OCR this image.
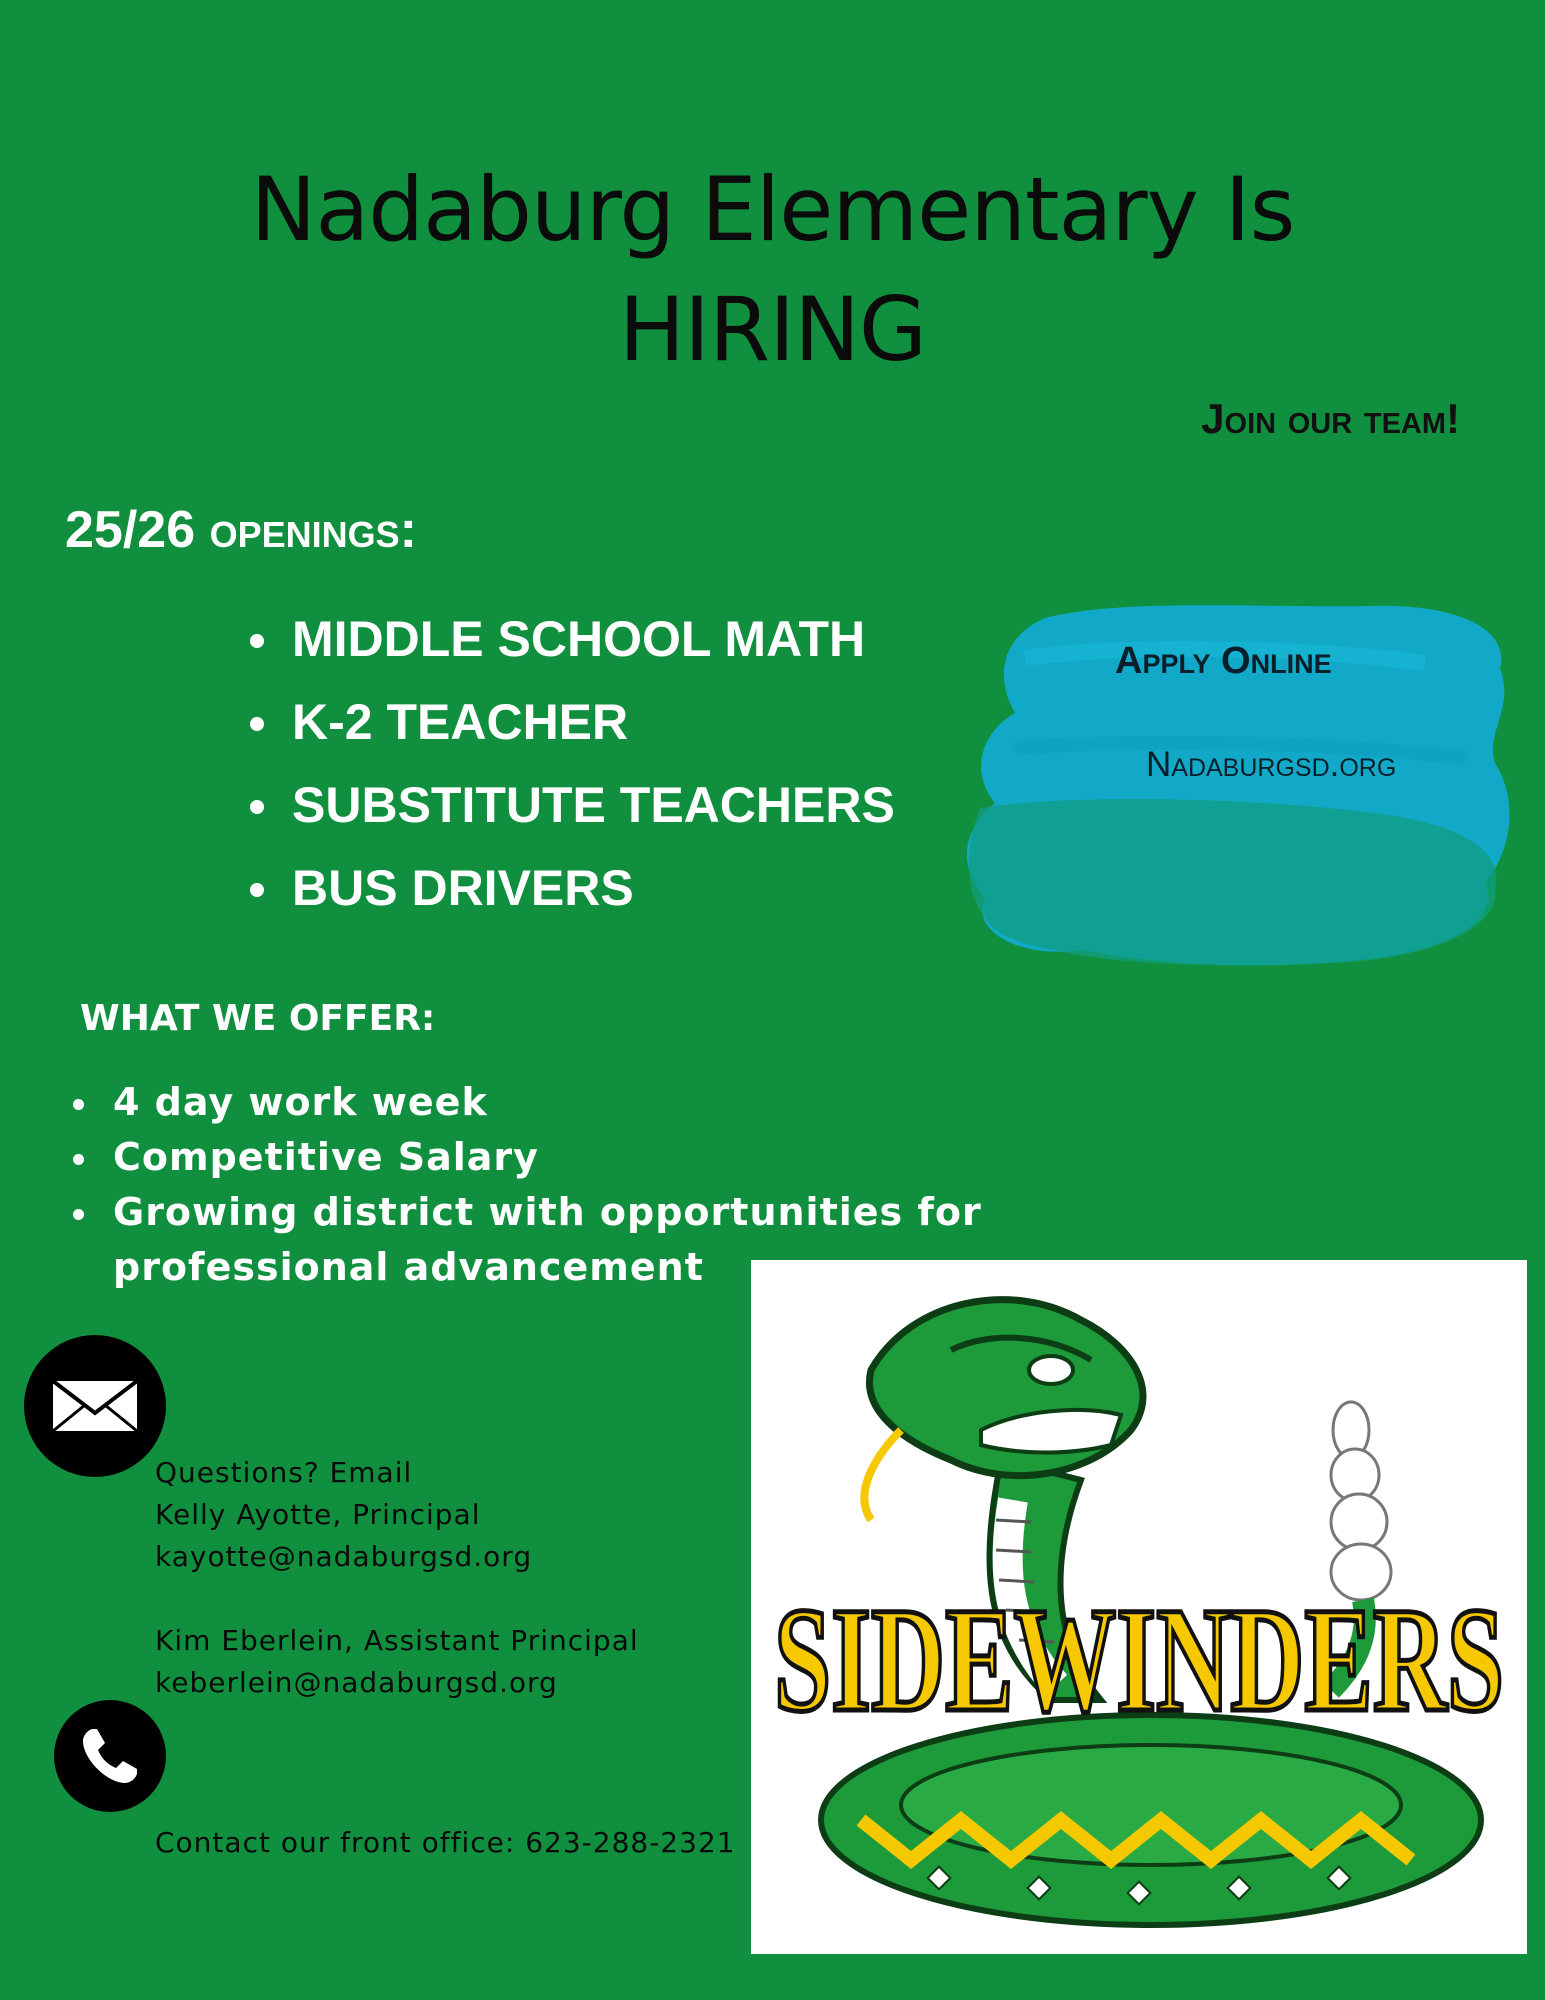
Nadaburg Elementary Is
HIRING
Join our team!
25/26 openings:
MIDDLE SCHOOL MATH
K-2 TEACHER
SUBSTITUTE TEACHERS
BUS DRIVERS
Apply Online
Nadaburgsd.org
WHAT WE OFFER:
4 day work week
Competitive Salary
Growing district with opportunities for professional advancement
Questions? Email
Kelly Ayotte, Principal
kayotte@nadaburgsd.org
Kim Eberlein, Assistant Principal
keberlein@nadaburgsd.org
Contact our front office: 623-288-2321
SIDEWINDERS
